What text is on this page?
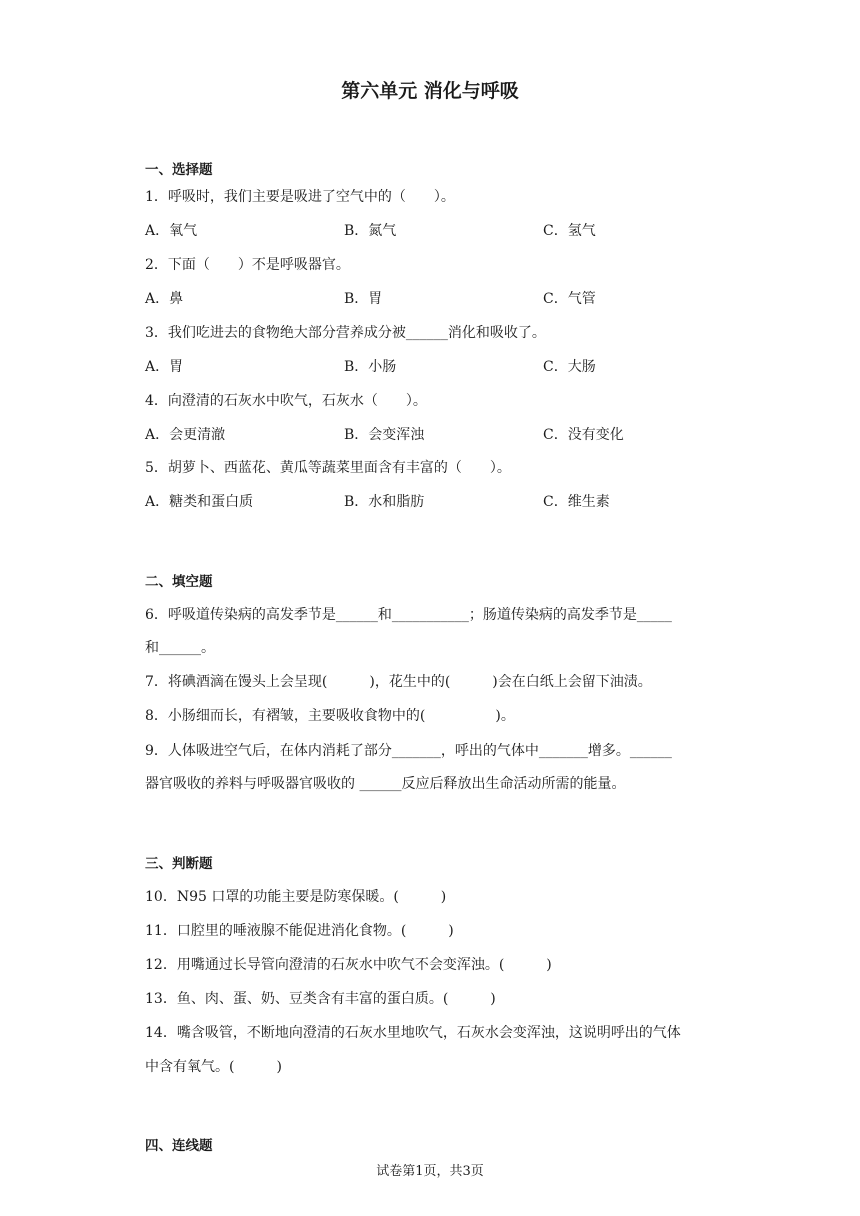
第六单元 消化与呼吸
一、选择题
1．呼吸时，我们主要是吸进了空气中的（　　）。
A．氧气	B．氮气	C．氢气
2．下面（　　）不是呼吸器官。
A．鼻	B．胃	C．气管
3．我们吃进去的食物绝大部分营养成分被______消化和吸收了。
A．胃	B．小肠	C．大肠
4．向澄清的石灰水中吹气，石灰水（　　）。
A．会更清澈	B．会变浑浊	C．没有变化
5．胡萝卜、西蓝花、黄瓜等蔬菜里面含有丰富的（　　）。
A．糖类和蛋白质	B．水和脂肪	C．维生素
二、填空题
6．呼吸道传染病的高发季节是______和___________；肠道传染病的高发季节是_____
和______。
7．将碘酒滴在馒头上会呈现(　　　)，花生中的(　　　)会在白纸上会留下油渍。
8．小肠细而长，有褶皱，主要吸收食物中的(　　　　　)。
9．人体吸进空气后，在体内消耗了部分_______，呼出的气体中_______增多。______
器官吸收的养料与呼吸器官吸收的 ______反应后释放出生命活动所需的能量。
三、判断题
10．N95 口罩的功能主要是防寒保暖。(　　　)
11．口腔里的唾液腺不能促进消化食物。(　　　)
12．用嘴通过长导管向澄清的石灰水中吹气不会变浑浊。(　　　)
13．鱼、肉、蛋、奶、豆类含有丰富的蛋白质。(　　　)
14．嘴含吸管，不断地向澄清的石灰水里地吹气，石灰水会变浑浊，这说明呼出的气体
中含有氧气。(　　　)
四、连线题
试卷第1页，共3页
